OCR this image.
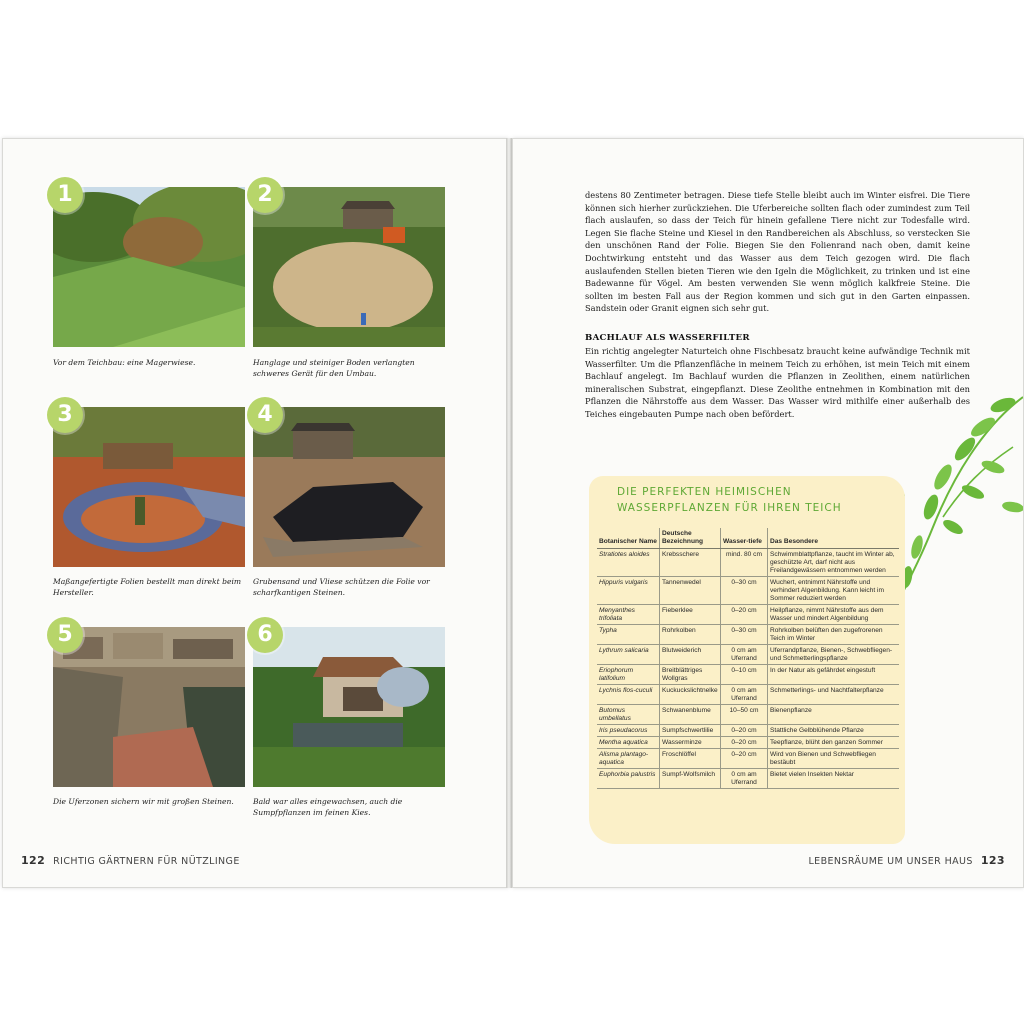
1
Vor dem Teichbau: eine Magerwiese.
2
Hanglage und steiniger Boden verlangten schweres Gerät für den Umbau.
3
Maßangefertigte Folien bestellt man direkt beim Hersteller.
4
Grubensand und Vliese schützen die Folie vor scharfkantigen Steinen.
5
Die Uferzonen sichern wir mit großen Steinen.
6
Bald war alles eingewachsen, auch die Sumpfpflanzen im feinen Kies.
122 RICHTIG GÄRTNERN FÜR NÜTZLINGE

destens 80 Zentimeter betragen. Diese tiefe Stelle bleibt auch im Winter eisfrei. Die Tiere können sich hierher zurückziehen. Die Uferbereiche sollten flach oder zumindest zum Teil flach auslaufen, so dass der Teich für hinein gefallene Tiere nicht zur Todesfalle wird. Legen Sie flache Steine und Kiesel in den Randbereichen als Abschluss, so verstecken Sie den unschönen Rand der Folie. Biegen Sie den Folienrand nach oben, damit keine Dochtwirkung entsteht und das Wasser aus dem Teich gezogen wird. Die flach auslaufenden Stellen bieten Tieren wie den Igeln die Möglichkeit, zu trinken und ist eine Badewanne für Vögel. Am besten verwenden Sie wenn möglich kalkfreie Steine. Die sollten im besten Fall aus der Region kommen und sich gut in den Garten einpassen. Sandstein oder Granit eignen sich sehr gut.

BACHLAUF ALS WASSERFILTER

Ein richtig angelegter Naturteich ohne Fischbesatz braucht keine aufwändige Technik mit Wasserfilter. Um die Pflanzenfläche in meinem Teich zu erhöhen, ist mein Teich mit einem Bachlauf angelegt. Im Bachlauf wurden die Pflanzen in Zeolithen, einem natürlichen mineralischen Substrat, eingepflanzt. Diese Zeolithe entnehmen in Kombination mit den Pflanzen die Nährstoffe aus dem Wasser. Das Wasser wird mithilfe einer außerhalb des Teiches eingebauten Pumpe nach oben befördert.

DIE PERFEKTEN HEIMISCHEN WASSERPFLANZEN FÜR IHREN TEICH
Botanischer Name	Deutsche Bezeichnung	Wasser-tiefe	Das Besondere
Stratiotes aloides	Krebsschere	mind. 80 cm	Schwimmblattpflanze, taucht im Winter ab, geschützte Art, darf nicht aus Freilandgewässern entnommen werden
Hippuris vulgaris	Tannenwedel	0–30 cm	Wuchert, entnimmt Nährstoffe und verhindert Algenbildung. Kann leicht im Sommer reduziert werden
Menyanthes trifoliata	Fieberklee	0–20 cm	Heilpflanze, nimmt Nährstoffe aus dem Wasser und mindert Algenbildung
Typha	Rohrkolben	0–30 cm	Rohrkolben belüften den zugefrorenen Teich im Winter
Lythrum salicaria	Blutweiderich	0 cm am Uferrand	Uferrandpflanze, Bienen-, Schwebfliegen- und Schmetterlingspflanze
Eriophorum latifolium	Breitblättriges Wollgras	0–10 cm	In der Natur als gefährdet eingestuft
Lychnis flos-cuculi	Kuckuckslichtnelke	0 cm am Uferrand	Schmetterlings- und Nachtfalterpflanze
Butomus umbellatus	Schwanenblume	10–50 cm	Bienenpflanze
Iris pseudacorus	Sumpfschwertlilie	0–20 cm	Stattliche Gelbblühende Pflanze
Mentha aquatica	Wasserminze	0–20 cm	Teepflanze, blüht den ganzen Sommer
Alisma plantago-aquatica	Froschlöffel	0–20 cm	Wird von Bienen und Schwebfliegen bestäubt
Euphorbia palustris	Sumpf-Wolfsmilch	0 cm am Uferrand	Bietet vielen Insekten Nektar
LEBENSRÄUME UM UNSER HAUS 123
